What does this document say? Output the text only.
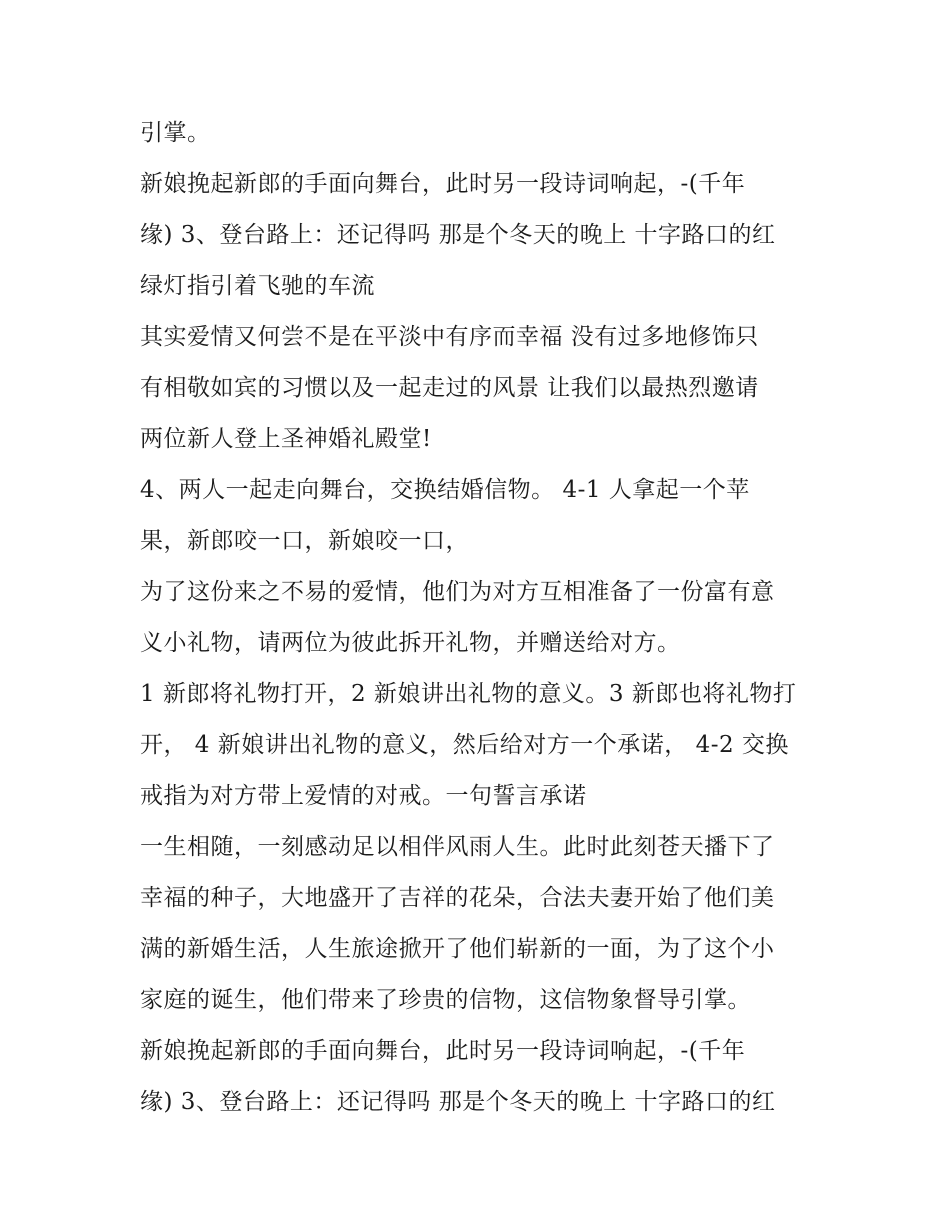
引掌。
新娘挽起新郎的手面向舞台，此时另一段诗词响起，-(千年
缘) 3、登台路上：还记得吗 那是个冬天的晚上 十字路口的红
绿灯指引着飞驰的车流
其实爱情又何尝不是在平淡中有序而幸福 没有过多地修饰只
有相敬如宾的习惯以及一起走过的风景 让我们以最热烈邀请
两位新人登上圣神婚礼殿堂!
4、两人一起走向舞台，交换结婚信物。 4-1 人拿起一个苹
果，新郎咬一口，新娘咬一口，
为了这份来之不易的爱情，他们为对方互相准备了一份富有意
义小礼物，请两位为彼此拆开礼物，并赠送给对方。
1 新郎将礼物打开，2 新娘讲出礼物的意义。3 新郎也将礼物打
开， 4 新娘讲出礼物的意义，然后给对方一个承诺， 4-2 交换
戒指为对方带上爱情的对戒。一句誓言承诺
一生相随，一刻感动足以相伴风雨人生。此时此刻苍天播下了
幸福的种子，大地盛开了吉祥的花朵，合法夫妻开始了他们美
满的新婚生活，人生旅途掀开了他们崭新的一面，为了这个小
家庭的诞生，他们带来了珍贵的信物，这信物象督导引掌。
新娘挽起新郎的手面向舞台，此时另一段诗词响起，-(千年
缘) 3、登台路上：还记得吗 那是个冬天的晚上 十字路口的红
